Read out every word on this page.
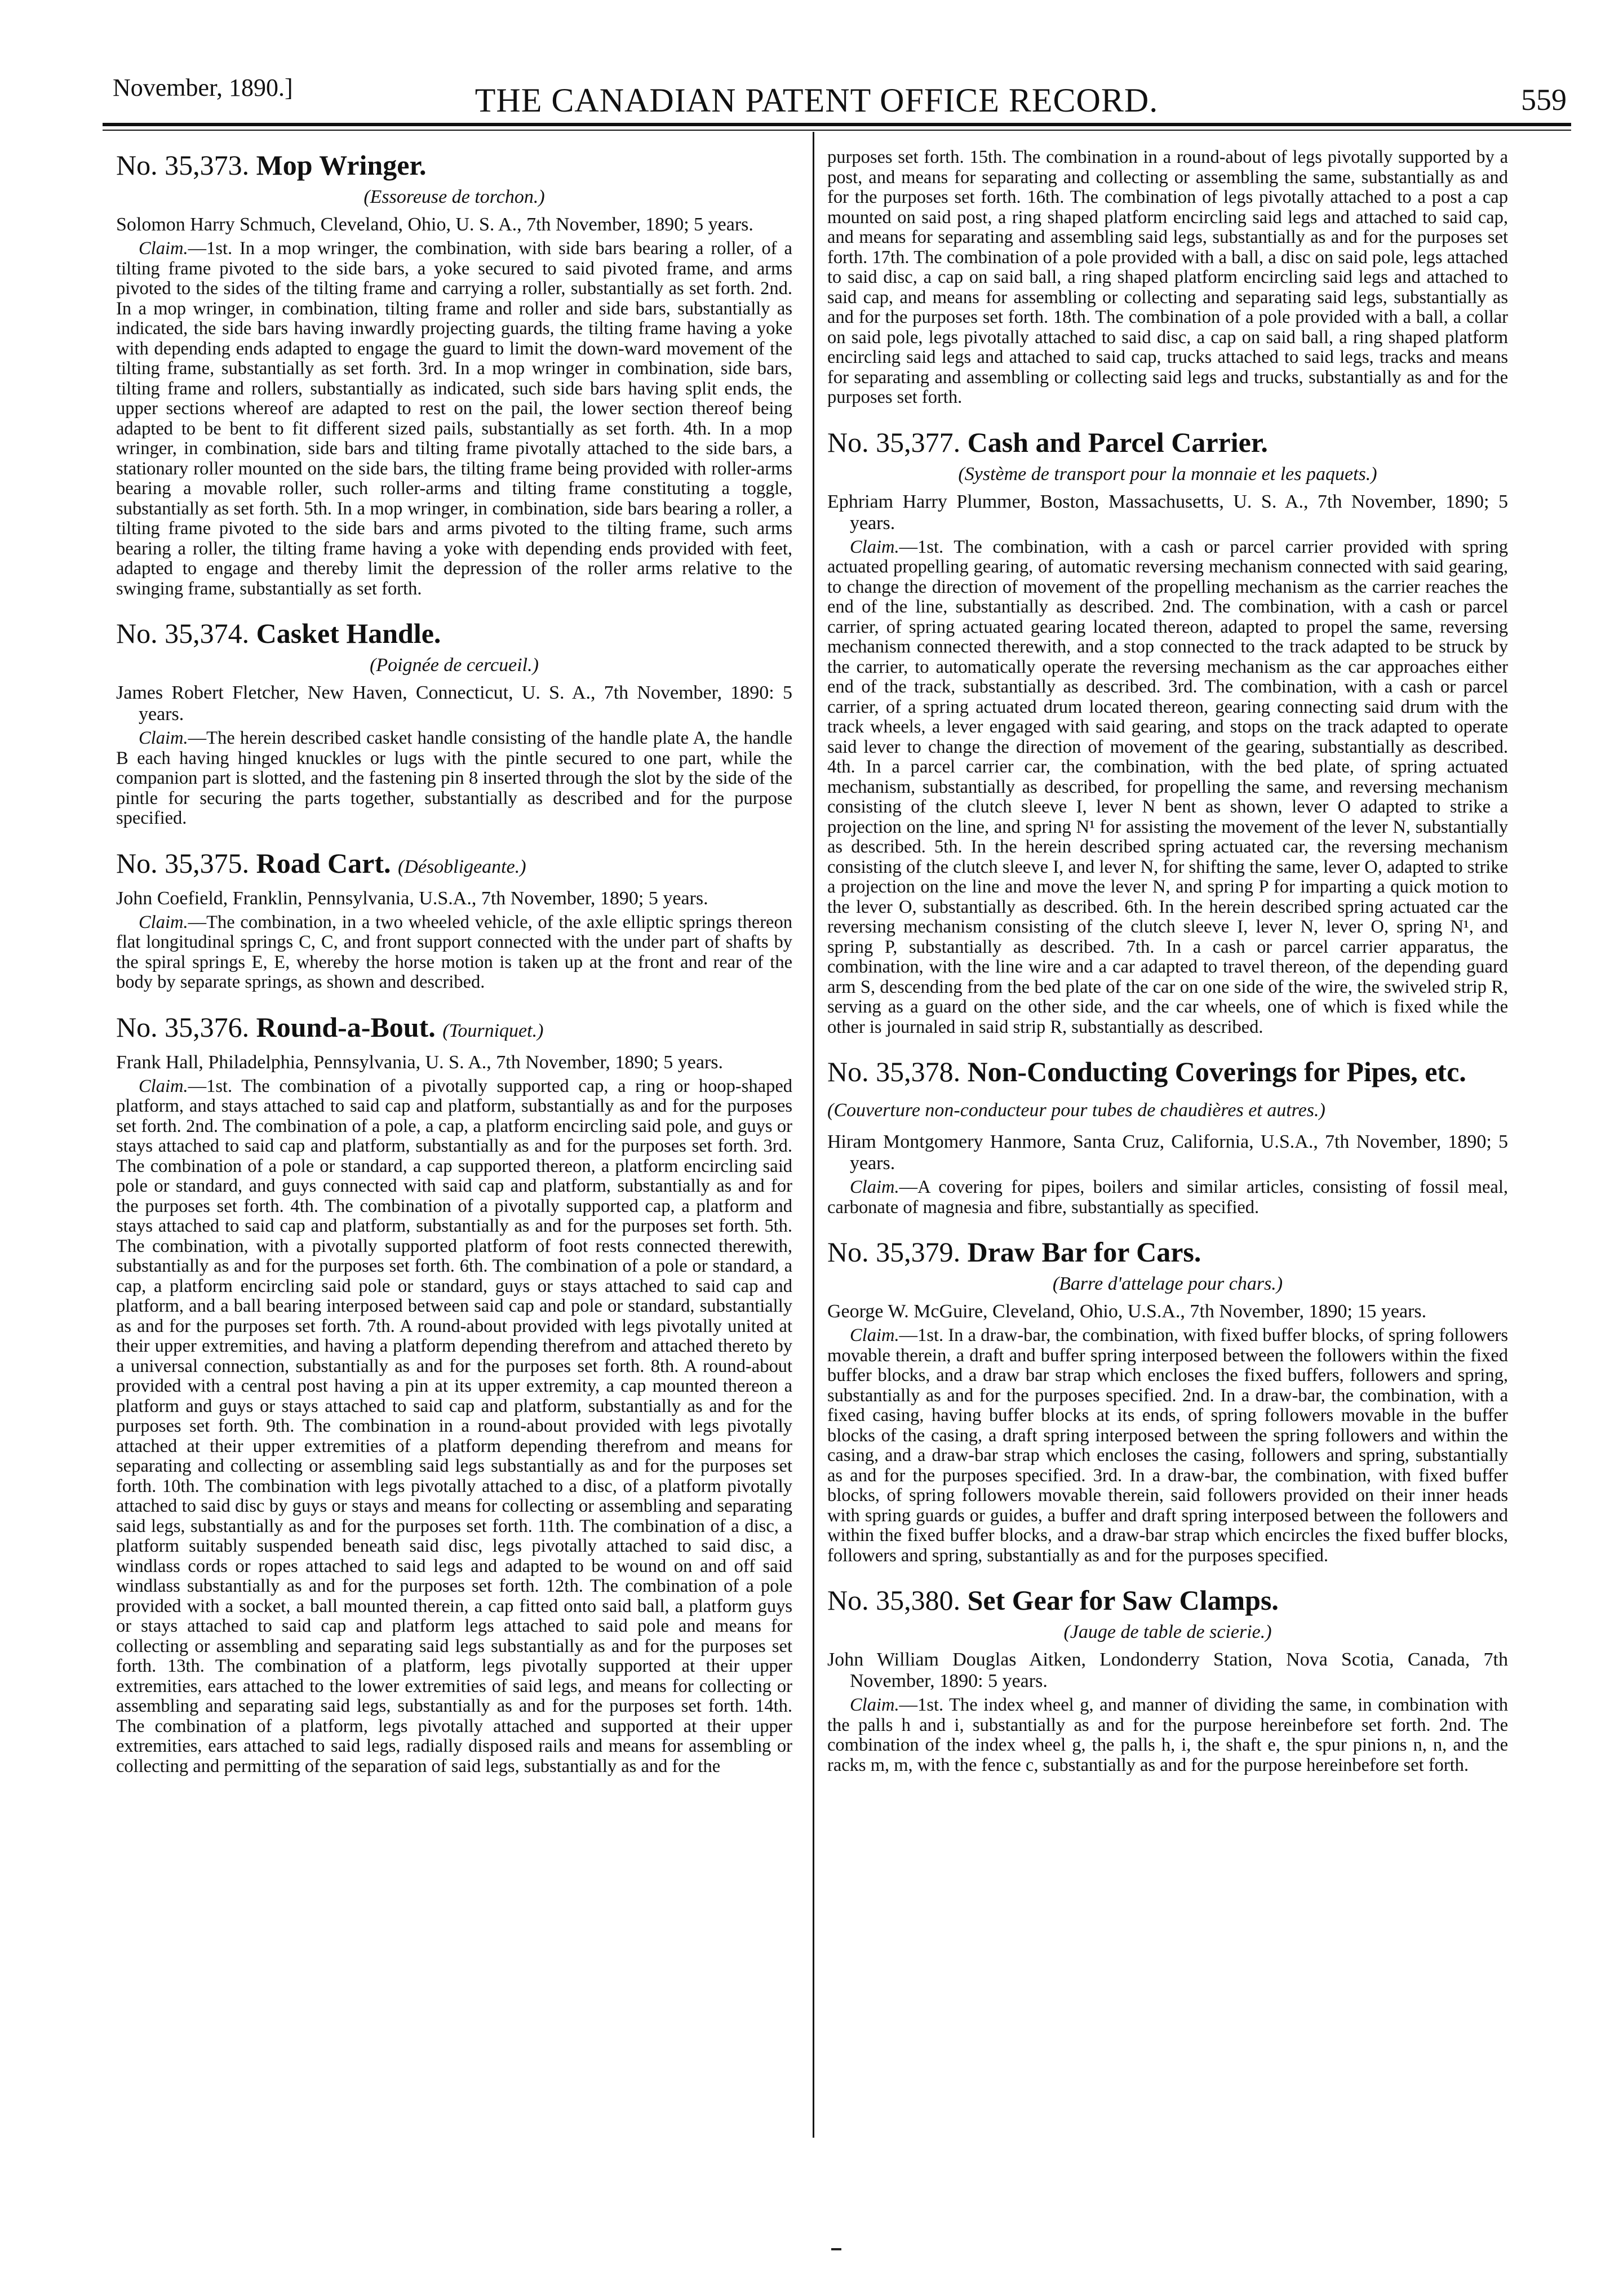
November, 1890.]	THE CANADIAN PATENT OFFICE RECORD.	559
No. 35,373. Mop Wringer.
(Essoreuse de torchon.)
Solomon Harry Schmuch, Cleveland, Ohio, U. S. A., 7th November, 1890; 5 years.
Claim.—1st. In a mop wringer, the combination, with side bars bearing a roller, of a tilting frame pivoted to the side bars, a yoke secured to said pivoted frame, and arms pivoted to the sides of the tilting frame and carrying a roller, substantially as set forth. 2nd. In a mop wringer, in combination, tilting frame and roller and side bars, substantially as indicated, the side bars having inwardly projecting guards, the tilting frame having a yoke with depending ends adapted to engage the guard to limit the down-ward movement of the tilting frame, substantially as set forth. 3rd. In a mop wringer in combination, side bars, tilting frame and rollers, substantially as indicated, such side bars having split ends, the upper sections whereof are adapted to rest on the pail, the lower section thereof being adapted to be bent to fit different sized pails, substantially as set forth. 4th. In a mop wringer, in combination, side bars and tilting frame pivotally attached to the side bars, a stationary roller mounted on the side bars, the tilting frame being provided with roller-arms bearing a movable roller, such roller-arms and tilting frame constituting a toggle, substantially as set forth. 5th. In a mop wringer, in combination, side bars bearing a roller, a tilting frame pivoted to the side bars and arms pivoted to the tilting frame, such arms bearing a roller, the tilting frame having a yoke with depending ends provided with feet, adapted to engage and thereby limit the depression of the roller arms relative to the swinging frame, substantially as set forth.
No. 35,374. Casket Handle.
(Poignée de cercueil.)
James Robert Fletcher, New Haven, Connecticut, U. S. A., 7th November, 1890: 5 years.
Claim.—The herein described casket handle consisting of the handle plate A, the handle B each having hinged knuckles or lugs with the pintle secured to one part, while the companion part is slotted, and the fastening pin 8 inserted through the slot by the side of the pintle for securing the parts together, substantially as described and for the purpose specified.
No. 35,375. Road Cart. (Désobligeante.)
John Coefield, Franklin, Pennsylvania, U.S.A., 7th November, 1890; 5 years.
Claim.—The combination, in a two wheeled vehicle, of the axle elliptic springs thereon flat longitudinal springs C, C, and front support connected with the under part of shafts by the spiral springs E, E, whereby the horse motion is taken up at the front and rear of the body by separate springs, as shown and described.
No. 35,376. Round-a-Bout. (Tourniquet.)
Frank Hall, Philadelphia, Pennsylvania, U. S. A., 7th November, 1890; 5 years.
Claim.—1st. The combination of a pivotally supported cap, a ring or hoop-shaped platform, and stays attached to said cap and platform, substantially as and for the purposes set forth. 2nd. The combination of a pole, a cap, a platform encircling said pole, and guys or stays attached to said cap and platform, substantially as and for the purposes set forth. 3rd. The combination of a pole or standard, a cap supported thereon, a platform encircling said pole or standard, and guys connected with said cap and platform, substantially as and for the purposes set forth. 4th. The combination of a pivotally supported cap, a platform and stays attached to said cap and platform, substantially as and for the purposes set forth. 5th. The combination, with a pivotally supported platform of foot rests connected therewith, substantially as and for the purposes set forth. 6th. The combination of a pole or standard, a cap, a platform encircling said pole or standard, guys or stays attached to said cap and platform, and a ball bearing interposed between said cap and pole or standard, substantially as and for the purposes set forth. 7th. A round-about provided with legs pivotally united at their upper extremities, and having a platform depending therefrom and attached thereto by a universal connection, substantially as and for the purposes set forth. 8th. A round-about provided with a central post having a pin at its upper extremity, a cap mounted thereon a platform and guys or stays attached to said cap and platform, substantially as and for the purposes set forth. 9th. The combination in a round-about provided with legs pivotally attached at their upper extremities of a platform depending therefrom and means for separating and collecting or assembling said legs substantially as and for the purposes set forth. 10th. The combination with legs pivotally attached to a disc, of a platform pivotally attached to said disc by guys or stays and means for collecting or assembling and separating said legs, substantially as and for the purposes set forth. 11th. The combination of a disc, a platform suitably suspended beneath said disc, legs pivotally attached to said disc, a windlass cords or ropes attached to said legs and adapted to be wound on and off said windlass substantially as and for the purposes set forth. 12th. The combination of a pole provided with a socket, a ball mounted therein, a cap fitted onto said ball, a platform guys or stays attached to said cap and platform legs attached to said pole and means for collecting or assembling and separating said legs substantially as and for the purposes set forth. 13th. The combination of a platform, legs pivotally supported at their upper extremities, ears attached to the lower extremities of said legs, and means for collecting or assembling and separating said legs, substantially as and for the purposes set forth. 14th. The combination of a platform, legs pivotally attached and supported at their upper extremities, ears attached to said legs, radially disposed rails and means for assembling or collecting and permitting of the separation of said legs, substantially as and for the
purposes set forth. 15th. The combination in a round-about of legs pivotally supported by a post, and means for separating and collecting or assembling the same, substantially as and for the purposes set forth. 16th. The combination of legs pivotally attached to a post a cap mounted on said post, a ring shaped platform encircling said legs and attached to said cap, and means for separating and assembling said legs, substantially as and for the purposes set forth. 17th. The combination of a pole provided with a ball, a disc on said pole, legs attached to said disc, a cap on said ball, a ring shaped platform encircling said legs and attached to said cap, and means for assembling or collecting and separating said legs, substantially as and for the purposes set forth. 18th. The combination of a pole provided with a ball, a collar on said pole, legs pivotally attached to said disc, a cap on said ball, a ring shaped platform encircling said legs and attached to said cap, trucks attached to said legs, tracks and means for separating and assembling or collecting said legs and trucks, substantially as and for the purposes set forth.
No. 35,377. Cash and Parcel Carrier.
(Système de transport pour la monnaie et les paquets.)
Ephriam Harry Plummer, Boston, Massachusetts, U. S. A., 7th November, 1890; 5 years.
Claim.—1st. The combination, with a cash or parcel carrier provided with spring actuated propelling gearing, of automatic reversing mechanism connected with said gearing, to change the direction of movement of the propelling mechanism as the carrier reaches the end of the line, substantially as described. 2nd. The combination, with a cash or parcel carrier, of spring actuated gearing located thereon, adapted to propel the same, reversing mechanism connected therewith, and a stop connected to the track adapted to be struck by the carrier, to automatically operate the reversing mechanism as the car approaches either end of the track, substantially as described. 3rd. The combination, with a cash or parcel carrier, of a spring actuated drum located thereon, gearing connecting said drum with the track wheels, a lever engaged with said gearing, and stops on the track adapted to operate said lever to change the direction of movement of the gearing, substantially as described. 4th. In a parcel carrier car, the combination, with the bed plate, of spring actuated mechanism, substantially as described, for propelling the same, and reversing mechanism consisting of the clutch sleeve I, lever N bent as shown, lever O adapted to strike a projection on the line, and spring N¹ for assisting the movement of the lever N, substantially as described. 5th. In the herein described spring actuated car, the reversing mechanism consisting of the clutch sleeve I, and lever N, for shifting the same, lever O, adapted to strike a projection on the line and move the lever N, and spring P for imparting a quick motion to the lever O, substantially as described. 6th. In the herein described spring actuated car the reversing mechanism consisting of the clutch sleeve I, lever N, lever O, spring N¹, and spring P, substantially as described. 7th. In a cash or parcel carrier apparatus, the combination, with the line wire and a car adapted to travel thereon, of the depending guard arm S, descending from the bed plate of the car on one side of the wire, the swiveled strip R, serving as a guard on the other side, and the car wheels, one of which is fixed while the other is journaled in said strip R, substantially as described.
No. 35,378. Non-Conducting Coverings for Pipes, etc. (Couverture non-conducteur pour tubes de chaudières et autres.)
Hiram Montgomery Hanmore, Santa Cruz, California, U.S.A., 7th November, 1890; 5 years.
Claim.—A covering for pipes, boilers and similar articles, consisting of fossil meal, carbonate of magnesia and fibre, substantially as specified.
No. 35,379. Draw Bar for Cars.
(Barre d'attelage pour chars.)
George W. McGuire, Cleveland, Ohio, U.S.A., 7th November, 1890; 15 years.
Claim.—1st. In a draw-bar, the combination, with fixed buffer blocks, of spring followers movable therein, a draft and buffer spring interposed between the followers within the fixed buffer blocks, and a draw bar strap which encloses the fixed buffers, followers and spring, substantially as and for the purposes specified. 2nd. In a draw-bar, the combination, with a fixed casing, having buffer blocks at its ends, of spring followers movable in the buffer blocks of the casing, a draft spring interposed between the spring followers and within the casing, and a draw-bar strap which encloses the casing, followers and spring, substantially as and for the purposes specified. 3rd. In a draw-bar, the combination, with fixed buffer blocks, of spring followers movable therein, said followers provided on their inner heads with spring guards or guides, a buffer and draft spring interposed between the followers and within the fixed buffer blocks, and a draw-bar strap which encircles the fixed buffer blocks, followers and spring, substantially as and for the purposes specified.
No. 35,380. Set Gear for Saw Clamps.
(Jauge de table de scierie.)
John William Douglas Aitken, Londonderry Station, Nova Scotia, Canada, 7th November, 1890: 5 years.
Claim.—1st. The index wheel g, and manner of dividing the same, in combination with the palls h and i, substantially as and for the purpose hereinbefore set forth. 2nd. The combination of the index wheel g, the palls h, i, the shaft e, the spur pinions n, n, and the racks m, m, with the fence c, substantially as and for the purpose hereinbefore set forth.
